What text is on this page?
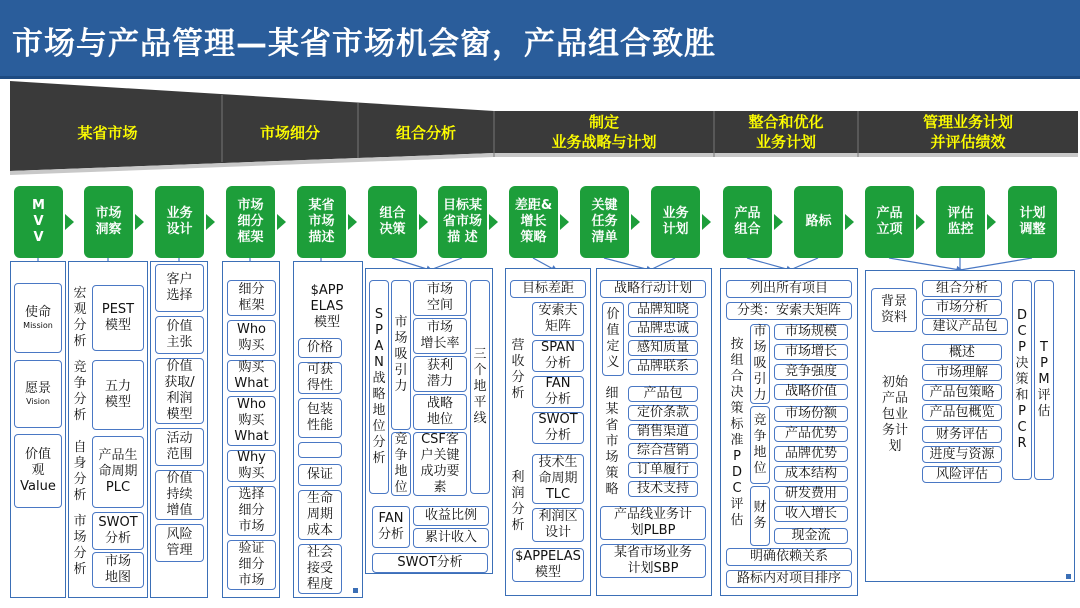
市场与产品管理—某省市场机会窗，产品组合致胜
某省市场	市场细分	组合分析
制定
业务战略与计划
整合和优化
业务计划
管理业务计划
并评估绩效
M
V
V
市场
洞察
业务
设计
市场
细分
框架
某省
市场
描述
组合
决策
目标某
省市场
描 述
差距&
增长
策略
关键
任务
清单
业务
计划
产品
组合
路标
产品
立项
评估
监控
计划
调整
使命
Mission
愿景
Vision
价值
观
Value
宏
观
分
析
竞
争
分
析
自
身
分
析
市
场
分
析
PEST
模型
五力
模型
产品生
命周期
PLC
SWOT
分析
市场
地图
客户
选择
价值
主张
价值
获取/
利润
模型
活动
范围
价值
持续
增值
风险
管理
细分
框架
Who
购买
购买
What
Who
购买
What
Why
购买
选择
细分
市场
验证
细分
市场
$APP
ELAS
模型
价格
可获
得性
包装
性能
保证
生命
周期
成本
社会
接受
程度
S
P
A
N
战
略
地
位
分
析
市
场
吸
引
力
竞
争
地
位
市场
空间
市场
增长率
获利
潜力
战略
地位
CSF客
户关键
成功要
素
三
个
地
平
线
FAN
分析
收益比例
累计收入
SWOT分析
目标差距
营
收
分
析
利
润
分
析
安索夫
矩阵
SPAN
分析
FAN
分析
SWOT
分析
技术生
命周期
TLC
利润区
设计
$APPELAS
模型
战略行动计划
价
值
定
义
品牌知晓
品牌忠诚
感知质量
品牌联系
细
某
省
市
场
策
略
产品包
定价条款
销售渠道
综合营销
订单履行
技术支持
产品线业务计
划PLBP
某省市场业务
计划SBP
列出所有项目
分类：安索夫矩阵
按
组
合
决
策
标
准
P
D
C
评
估
市
场
吸
引
力
竞
争
地
位
财
务
市场规模
市场增长
竞争强度
战略价值
市场份额
产品优势
品牌优势
成本结构
研发费用
收入增长
现金流
明确依赖关系
路标内对项目排序
背景
资料
初始
产品
包业
务计
划
组合分析
市场分析
建议产品包
概述
市场理解
产品包策略
产品包概览
财务评估
进度与资源
风险评估
D
C
P
决
策
和
P
C
R
T
P
M
评
估
